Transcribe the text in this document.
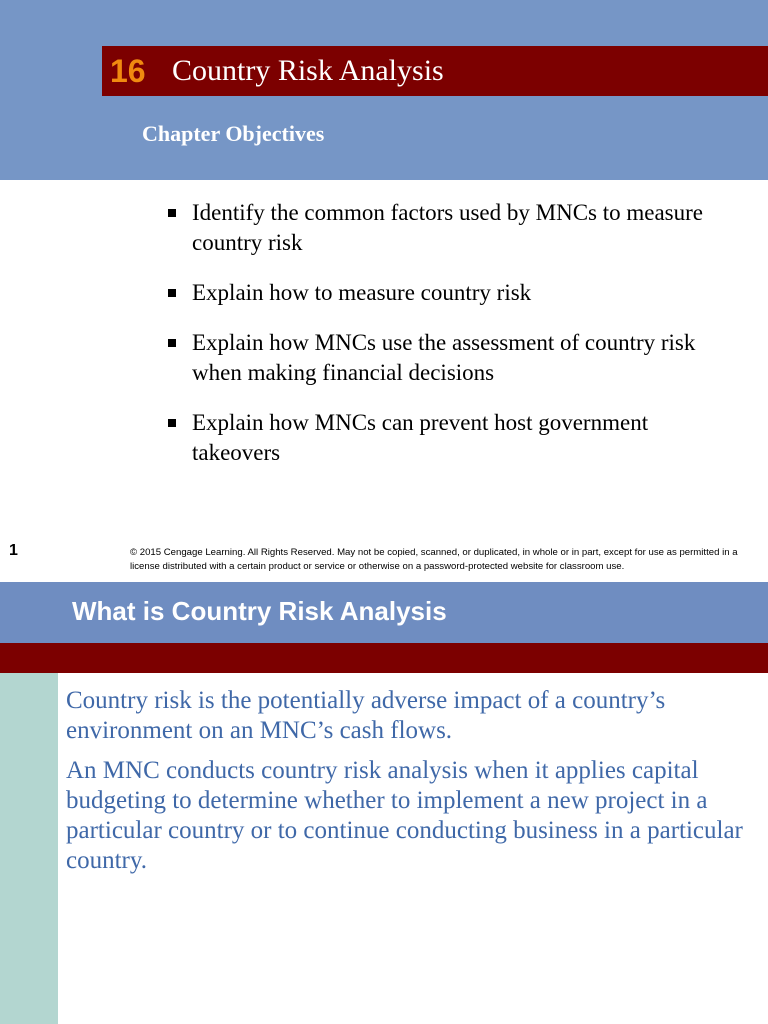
16 Country Risk Analysis
Chapter Objectives
Identify the common factors used by MNCs to measure country risk
Explain how to measure country risk
Explain how MNCs use the assessment of country risk when making financial decisions
Explain how MNCs can prevent host government takeovers
1	© 2015 Cengage Learning. All Rights Reserved. May not be copied, scanned, or duplicated, in whole or in part, except for use as permitted in a license distributed with a certain product or service or otherwise on a password-protected website for classroom use.
What is Country Risk Analysis

Country risk is the potentially adverse impact of a country’s environment on an MNC’s cash flows.

An MNC conducts country risk analysis when it applies capital budgeting to determine whether to implement a new project in a particular country or to continue conducting business in a particular country.
